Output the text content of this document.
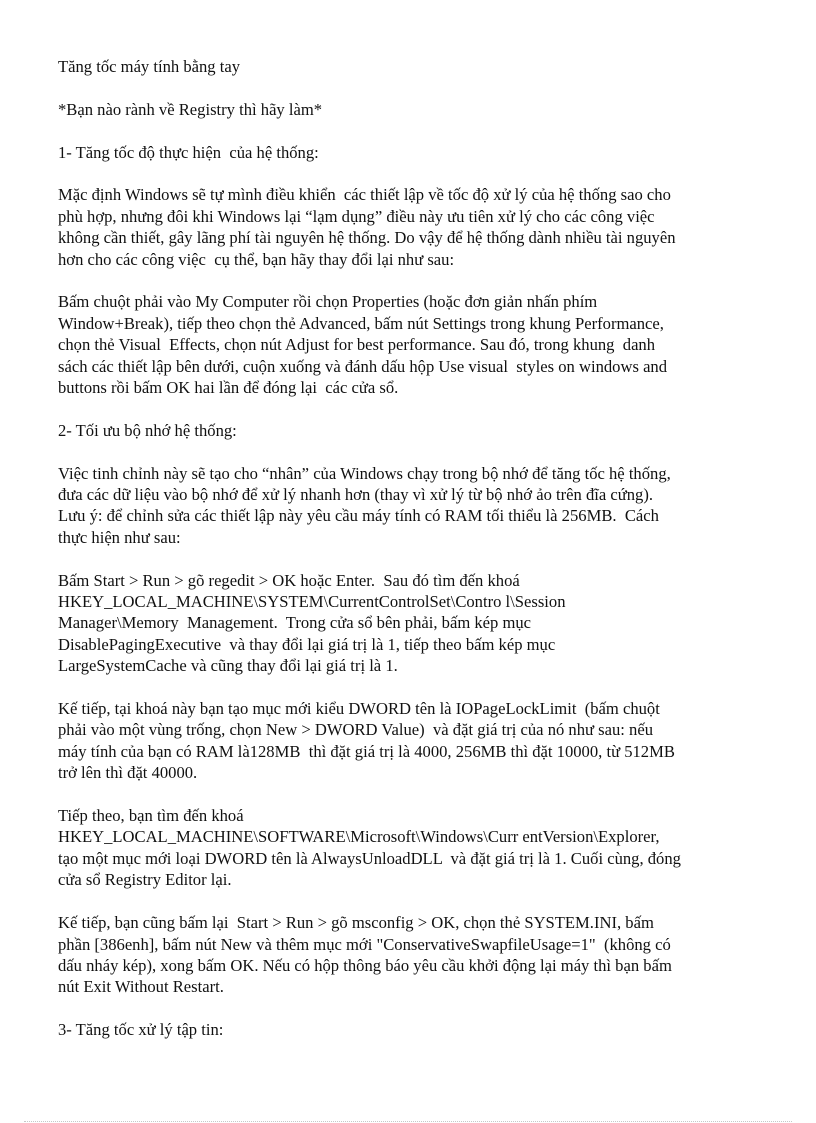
Tăng tốc máy tính bằng tay

*Bạn nào rành về Registry thì hãy làm*

1- Tăng tốc độ thực hiện  của hệ thống:

Mặc định Windows sẽ tự mình điều khiển  các thiết lập về tốc độ xử lý của hệ thống sao cho
phù hợp, nhưng đôi khi Windows lại “lạm dụng” điều này ưu tiên xử lý cho các công việc
không cần thiết, gây lãng phí tài nguyên hệ thống. Do vậy để hệ thống dành nhiều tài nguyên
hơn cho các công việc  cụ thể, bạn hãy thay đổi lại như sau:

Bấm chuột phải vào My Computer rồi chọn Properties (hoặc đơn giản nhấn phím
Window+Break), tiếp theo chọn thẻ Advanced, bấm nút Settings trong khung Performance,
chọn thẻ Visual  Effects, chọn nút Adjust for best performance. Sau đó, trong khung  danh
sách các thiết lập bên dưới, cuộn xuống và đánh dấu hộp Use visual  styles on windows and
buttons rồi bấm OK hai lần để đóng lại  các cửa sổ.

2- Tối ưu bộ nhớ hệ thống:

Việc tinh chỉnh này sẽ tạo cho “nhân” của Windows chạy trong bộ nhớ để tăng tốc hệ thống,
đưa các dữ liệu vào bộ nhớ để xử lý nhanh hơn (thay vì xử lý từ bộ nhớ ảo trên đĩa cứng).
Lưu ý: để chỉnh sửa các thiết lập này yêu cầu máy tính có RAM tối thiểu là 256MB.  Cách
thực hiện như sau:

Bấm Start > Run > gõ regedit > OK hoặc Enter.  Sau đó tìm đến khoá
HKEY_LOCAL_MACHINE\SYSTEM\CurrentControlSet\Contro l\Session
Manager\Memory  Management.  Trong cửa sổ bên phải, bấm kép mục
DisablePagingExecutive  và thay đổi lại giá trị là 1, tiếp theo bấm kép mục
LargeSystemCache và cũng thay đổi lại giá trị là 1.

Kế tiếp, tại khoá này bạn tạo mục mới kiểu DWORD tên là IOPageLockLimit  (bấm chuột
phải vào một vùng trống, chọn New > DWORD Value)  và đặt giá trị của nó như sau: nếu
máy tính của bạn có RAM là128MB  thì đặt giá trị là 4000, 256MB thì đặt 10000, từ 512MB
trở lên thì đặt 40000.

Tiếp theo, bạn tìm đến khoá
HKEY_LOCAL_MACHINE\SOFTWARE\Microsoft\Windows\Curr entVersion\Explorer,
tạo một mục mới loại DWORD tên là AlwaysUnloadDLL  và đặt giá trị là 1. Cuối cùng, đóng
cửa sổ Registry Editor lại.

Kế tiếp, bạn cũng bấm lại  Start > Run > gõ msconfig > OK, chọn thẻ SYSTEM.INI, bấm
phần [386enh], bấm nút New và thêm mục mới "ConservativeSwapfileUsage=1"  (không có
dấu nháy kép), xong bấm OK. Nếu có hộp thông báo yêu cầu khởi động lại máy thì bạn bấm
nút Exit Without Restart.

3- Tăng tốc xử lý tập tin:
